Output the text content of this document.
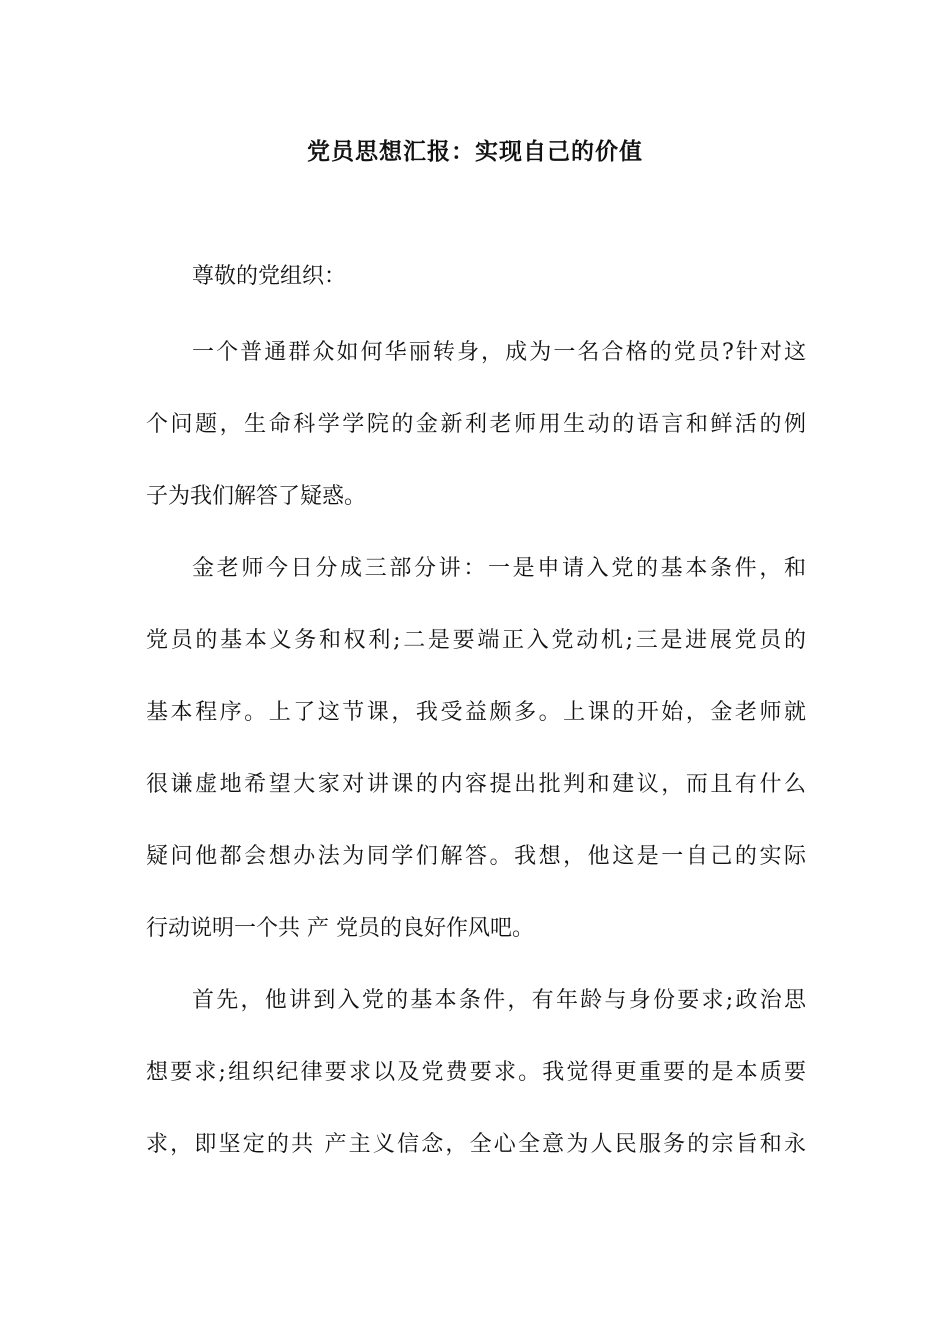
党员思想汇报：实现自己的价值
尊敬的党组织：
一个普通群众如何华丽转身，成为一名合格的党员?针对这
个问题，生命科学学院的金新利老师用生动的语言和鲜活的例
子为我们解答了疑惑。
金老师今日分成三部分讲：一是申请入党的基本条件，和
党员的基本义务和权利;二是要端正入党动机;三是进展党员的
基本程序。上了这节课，我受益颇多。上课的开始，金老师就
很谦虚地希望大家对讲课的内容提出批判和建议，而且有什么
疑问他都会想办法为同学们解答。我想，他这是一自己的实际
行动说明一个共 产 党员的良好作风吧。
首先，他讲到入党的基本条件，有年龄与身份要求;政治思
想要求;组织纪律要求以及党费要求。我觉得更重要的是本质要
求，即坚定的共 产主义信念，全心全意为人民服务的宗旨和永
